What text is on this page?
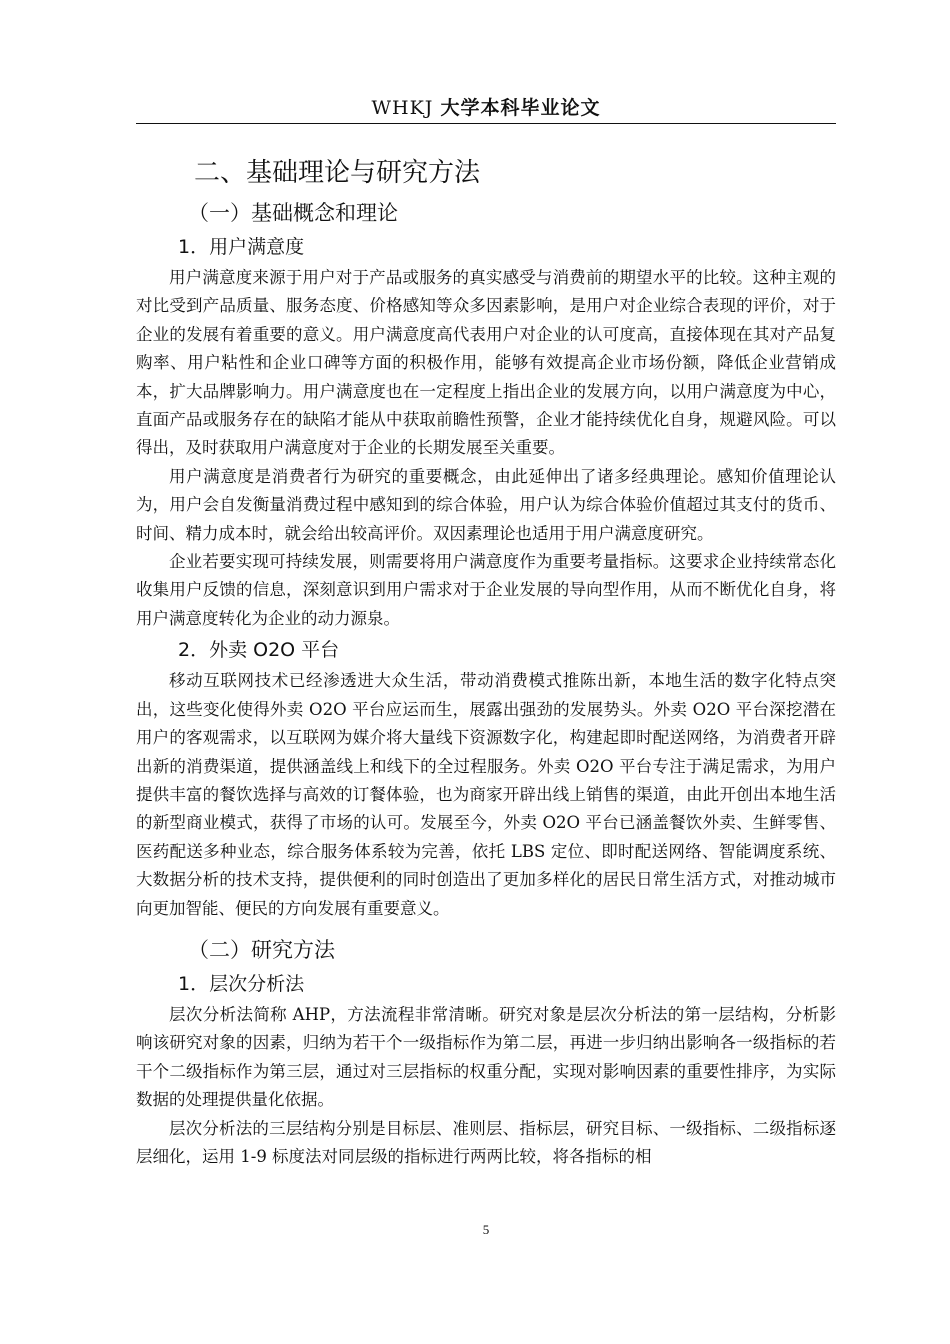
WHKJ 大学本科毕业论文
二、基础理论与研究方法
（一）基础概念和理论
1．用户满意度

用户满意度来源于用户对于产品或服务的真实感受与消费前的期望水平的比较。这种主观的对比受到产品质量、服务态度、价格感知等众多因素影响，是用户对企业综合表现的评价，对于企业的发展有着重要的意义。用户满意度高代表用户对企业的认可度高，直接体现在其对产品复购率、用户粘性和企业口碑等方面的积极作用，能够有效提高企业市场份额，降低企业营销成本，扩大品牌影响力。用户满意度也在一定程度上指出企业的发展方向，以用户满意度为中心，直面产品或服务存在的缺陷才能从中获取前瞻性预警，企业才能持续优化自身，规避风险。可以得出，及时获取用户满意度对于企业的长期发展至关重要。

用户满意度是消费者行为研究的重要概念，由此延伸出了诸多经典理论。感知价值理论认为，用户会自发衡量消费过程中感知到的综合体验，用户认为综合体验价值超过其支付的货币、时间、精力成本时，就会给出较高评价。双因素理论也适用于用户满意度研究。

企业若要实现可持续发展，则需要将用户满意度作为重要考量指标。这要求企业持续常态化收集用户反馈的信息，深刻意识到用户需求对于企业发展的导向型作用，从而不断优化自身，将用户满意度转化为企业的动力源泉。

2．外卖 O2O 平台

移动互联网技术已经渗透进大众生活，带动消费模式推陈出新，本地生活的数字化特点突出，这些变化使得外卖 O2O 平台应运而生，展露出强劲的发展势头。外卖 O2O 平台深挖潜在用户的客观需求，以互联网为媒介将大量线下资源数字化，构建起即时配送网络，为消费者开辟出新的消费渠道，提供涵盖线上和线下的全过程服务。外卖 O2O 平台专注于满足需求，为用户提供丰富的餐饮选择与高效的订餐体验，也为商家开辟出线上销售的渠道，由此开创出本地生活的新型商业模式，获得了市场的认可。发展至今，外卖 O2O 平台已涵盖餐饮外卖、生鲜零售、医药配送多种业态，综合服务体系较为完善，依托 LBS 定位、即时配送网络、智能调度系统、大数据分析的技术支持，提供便利的同时创造出了更加多样化的居民日常生活方式，对推动城市向更加智能、便民的方向发展有重要意义。

（二）研究方法
1．层次分析法

层次分析法简称 AHP，方法流程非常清晰。研究对象是层次分析法的第一层结构，分析影响该研究对象的因素，归纳为若干个一级指标作为第二层，再进一步归纳出影响各一级指标的若干个二级指标作为第三层，通过对三层指标的权重分配，实现对影响因素的重要性排序，为实际数据的处理提供量化依据。

层次分析法的三层结构分别是目标层、准则层、指标层，研究目标、一级指标、二级指标逐层细化，运用 1-9 标度法对同层级的指标进行两两比较，将各指标的相

5
